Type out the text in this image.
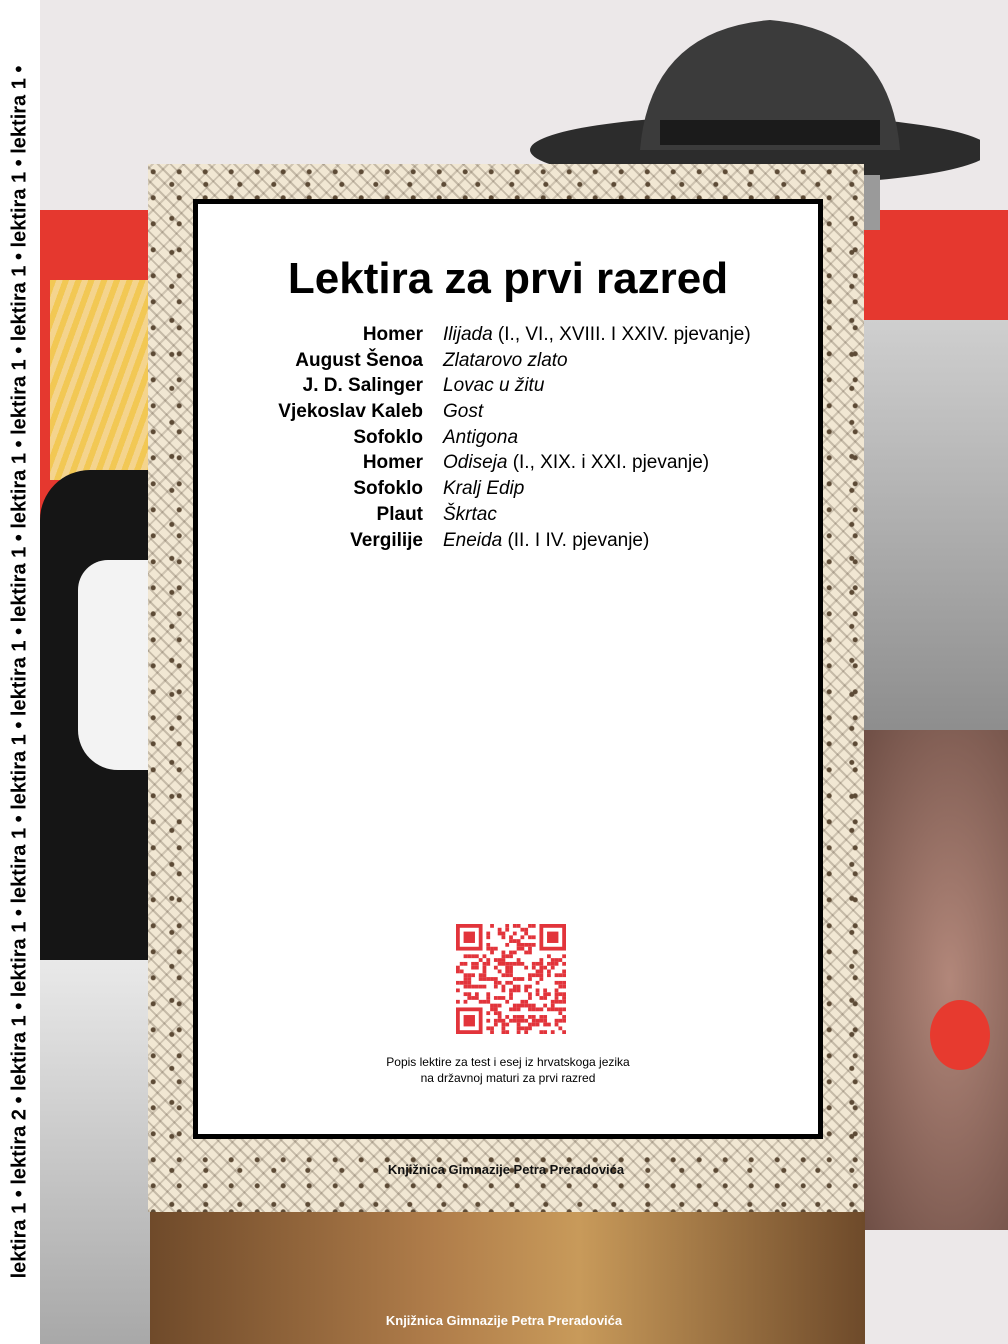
lektira 1 • lektira 2 • lektira 1 • lektira 1 • lektira 1 • lektira 1 • lektira 1 • lektira 1 • lektira 1 • lektira 1 • lektira 1 • lektira 1 • lektira 1 •	Lektira za prvi razred
Homer	Ilijada (I., VI., XVIII. I XXIV. pjevanje)
August Šenoa	Zlatarovo zlato
J. D. Salinger	Lovac u žitu
Vjekoslav Kaleb	Gost
Sofoklo	Antigona
Homer	Odiseja (I., XIX. i XXI. pjevanje)
Sofoklo	Kralj Edip
Plaut	Škrtac
Vergilije	Eneida (II. I IV. pjevanje)
Popis lektire za test i esej iz hrvatskoga jezika
na državnoj maturi za prvi razred
Knjižnica Gimnazije Petra Preradovića
Knjižnica Gimnazije Petra Preradovića
